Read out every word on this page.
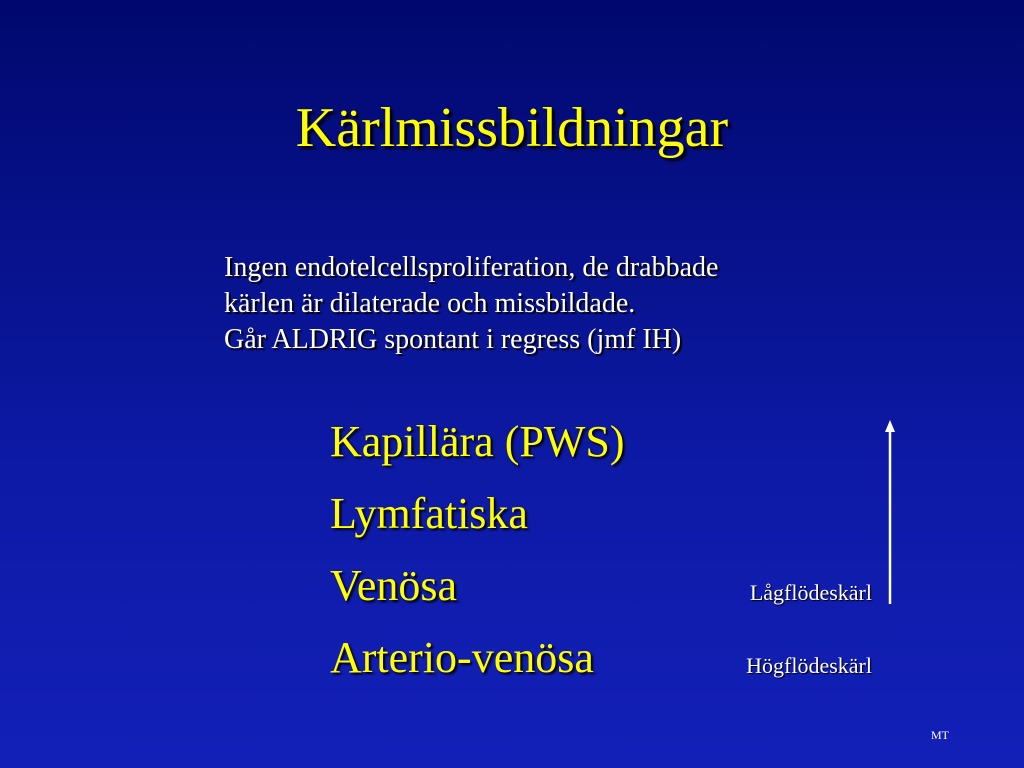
Kärlmissbildningar
Ingen endotelcellsproliferation, de drabbade
kärlen är dilaterade och missbildade.
Går ALDRIG spontant i regress (jmf IH)
Kapillära (PWS)
Lymfatiska
Venösa
Arterio-venösa
Lågflödeskärl
Högflödeskärl
MT
